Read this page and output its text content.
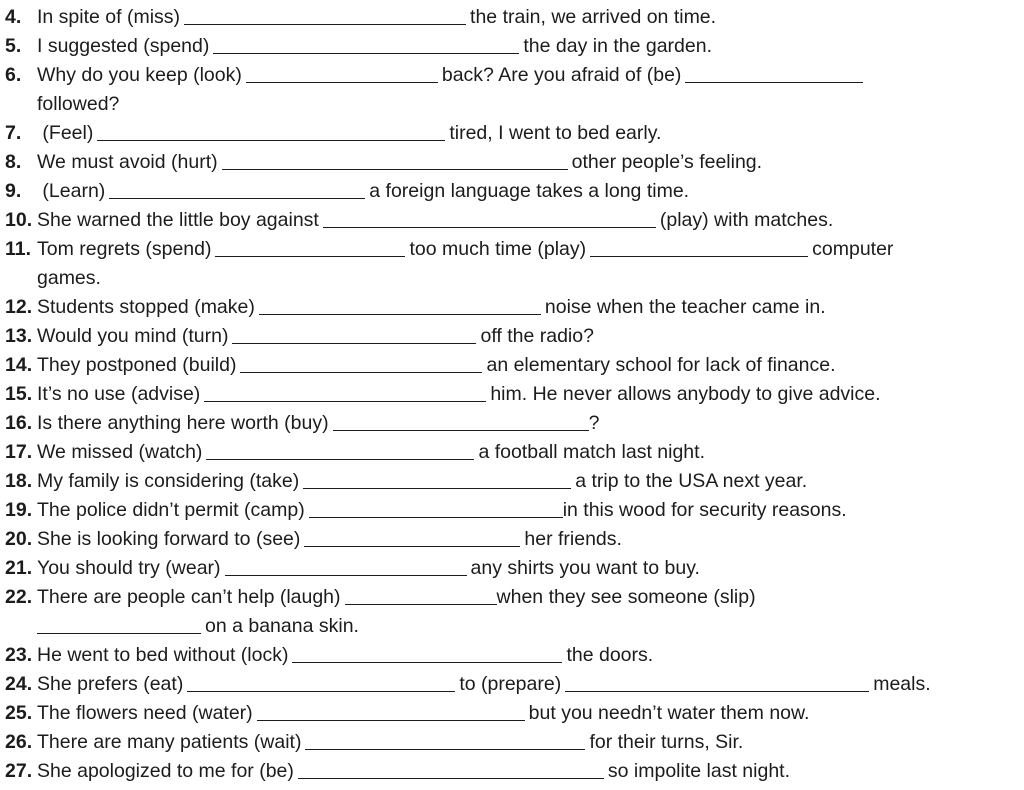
4. In spite of (miss)	the train, we arrived on time.
5. I suggested (spend)	the day in the garden.
6. Why do you keep (look)	back? Are you afraid of (be)
followed?
7. (Feel)	tired, I went to bed early.
8. We must avoid (hurt)	other people’s feeling.
9. (Learn)	a foreign language takes a long time.
10. She warned the little boy against	(play) with matches.
11. Tom regrets (spend)	too much time (play)	computer
games.
12. Students stopped (make)	noise when the teacher came in.
13. Would you mind (turn)	off the radio?
14. They postponed (build)	an elementary school for lack of finance.
15. It’s no use (advise)	him. He never allows anybody to give advice.
16. Is there anything here worth (buy)	?
17. We missed (watch)	a football match last night.
18. My family is considering (take)	a trip to the USA next year.
19. The police didn’t permit (camp)	in this wood for security reasons.
20. She is looking forward to (see)	her friends.
21. You should try (wear)	any shirts you want to buy.
22. There are people can’t help (laugh)	when they see someone (slip)
on a banana skin.
23. He went to bed without (lock)	the doors.
24. She prefers (eat)	to (prepare)	meals.
25. The flowers need (water)	but you needn’t water them now.
26. There are many patients (wait)	for their turns, Sir.
27. She apologized to me for (be)	so impolite last night.
